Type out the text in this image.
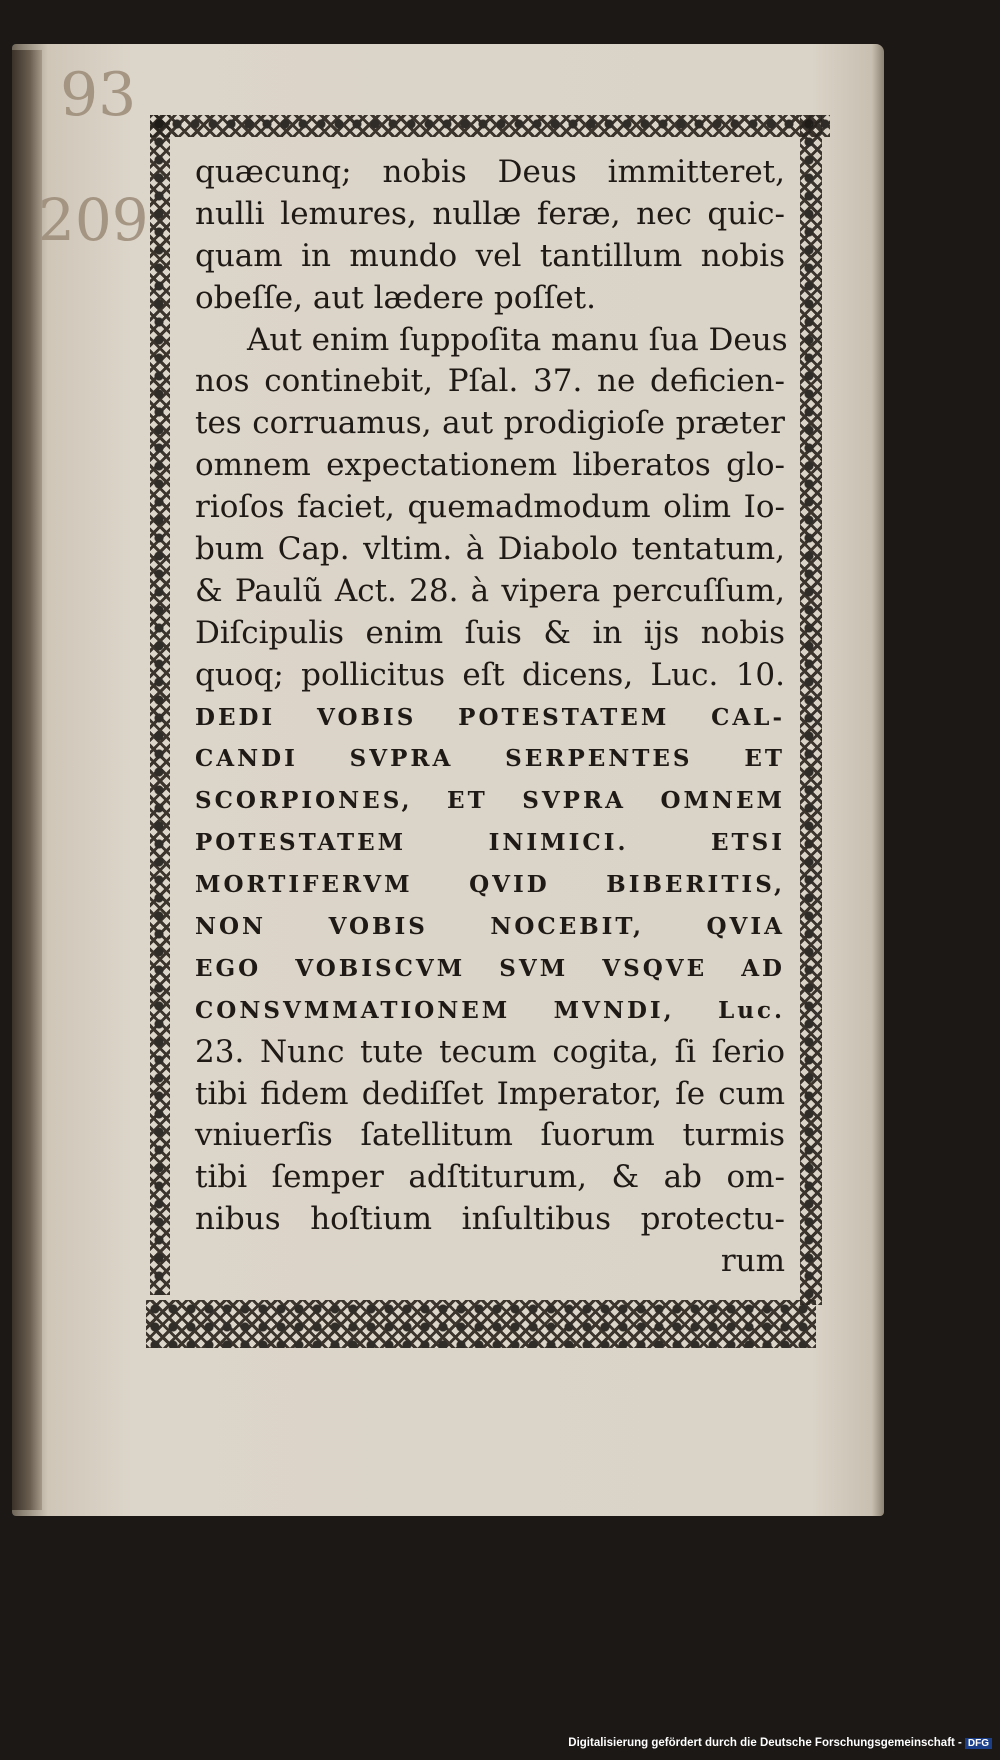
93
209
quæcunq; nobis Deus immitteret,
nulli lemures, nullæ feræ, nec quic-
quam in mundo vel tantillum nobis
obeſſe, aut lædere poſſet.
Aut enim ſuppoſita manu ſua Deus
nos continebit, Pſal. 37. ne deficien-
tes corruamus, aut prodigioſe præter
omnem expectationem liberatos glo-
rioſos faciet, quemadmodum olim Io-
bum Cap. vltim. à Diabolo tentatum,
& Paulũ Act. 28. à vipera percuſſum,
Diſcipulis enim ſuis & in ijs nobis
quoq; pollicitus eſt dicens, Luc. 10.
DEDI VOBIS POTESTATEM CAL-
CANDI SVPRA SERPENTES ET
SCORPIONES, ET SVPRA OMNEM
POTESTATEM INIMICI. ETSI
MORTIFERVM QVID BIBERITIS,
NON VOBIS NOCEBIT, QVIA
EGO VOBISCVM SVM VSQVE AD
CONSVMMATIONEM MVNDI, Luc.
23. Nunc tute tecum cogita, ſi ſerio
tibi fidem dediſſet Imperator, ſe cum
vniuerſis ſatellitum ſuorum turmis
tibi ſemper adſtiturum, & ab om-
nibus hoſtium inſultibus protectu-
rum
Digitalisierung gefördert durch die Deutsche Forschungsgemeinschaft - DFG
